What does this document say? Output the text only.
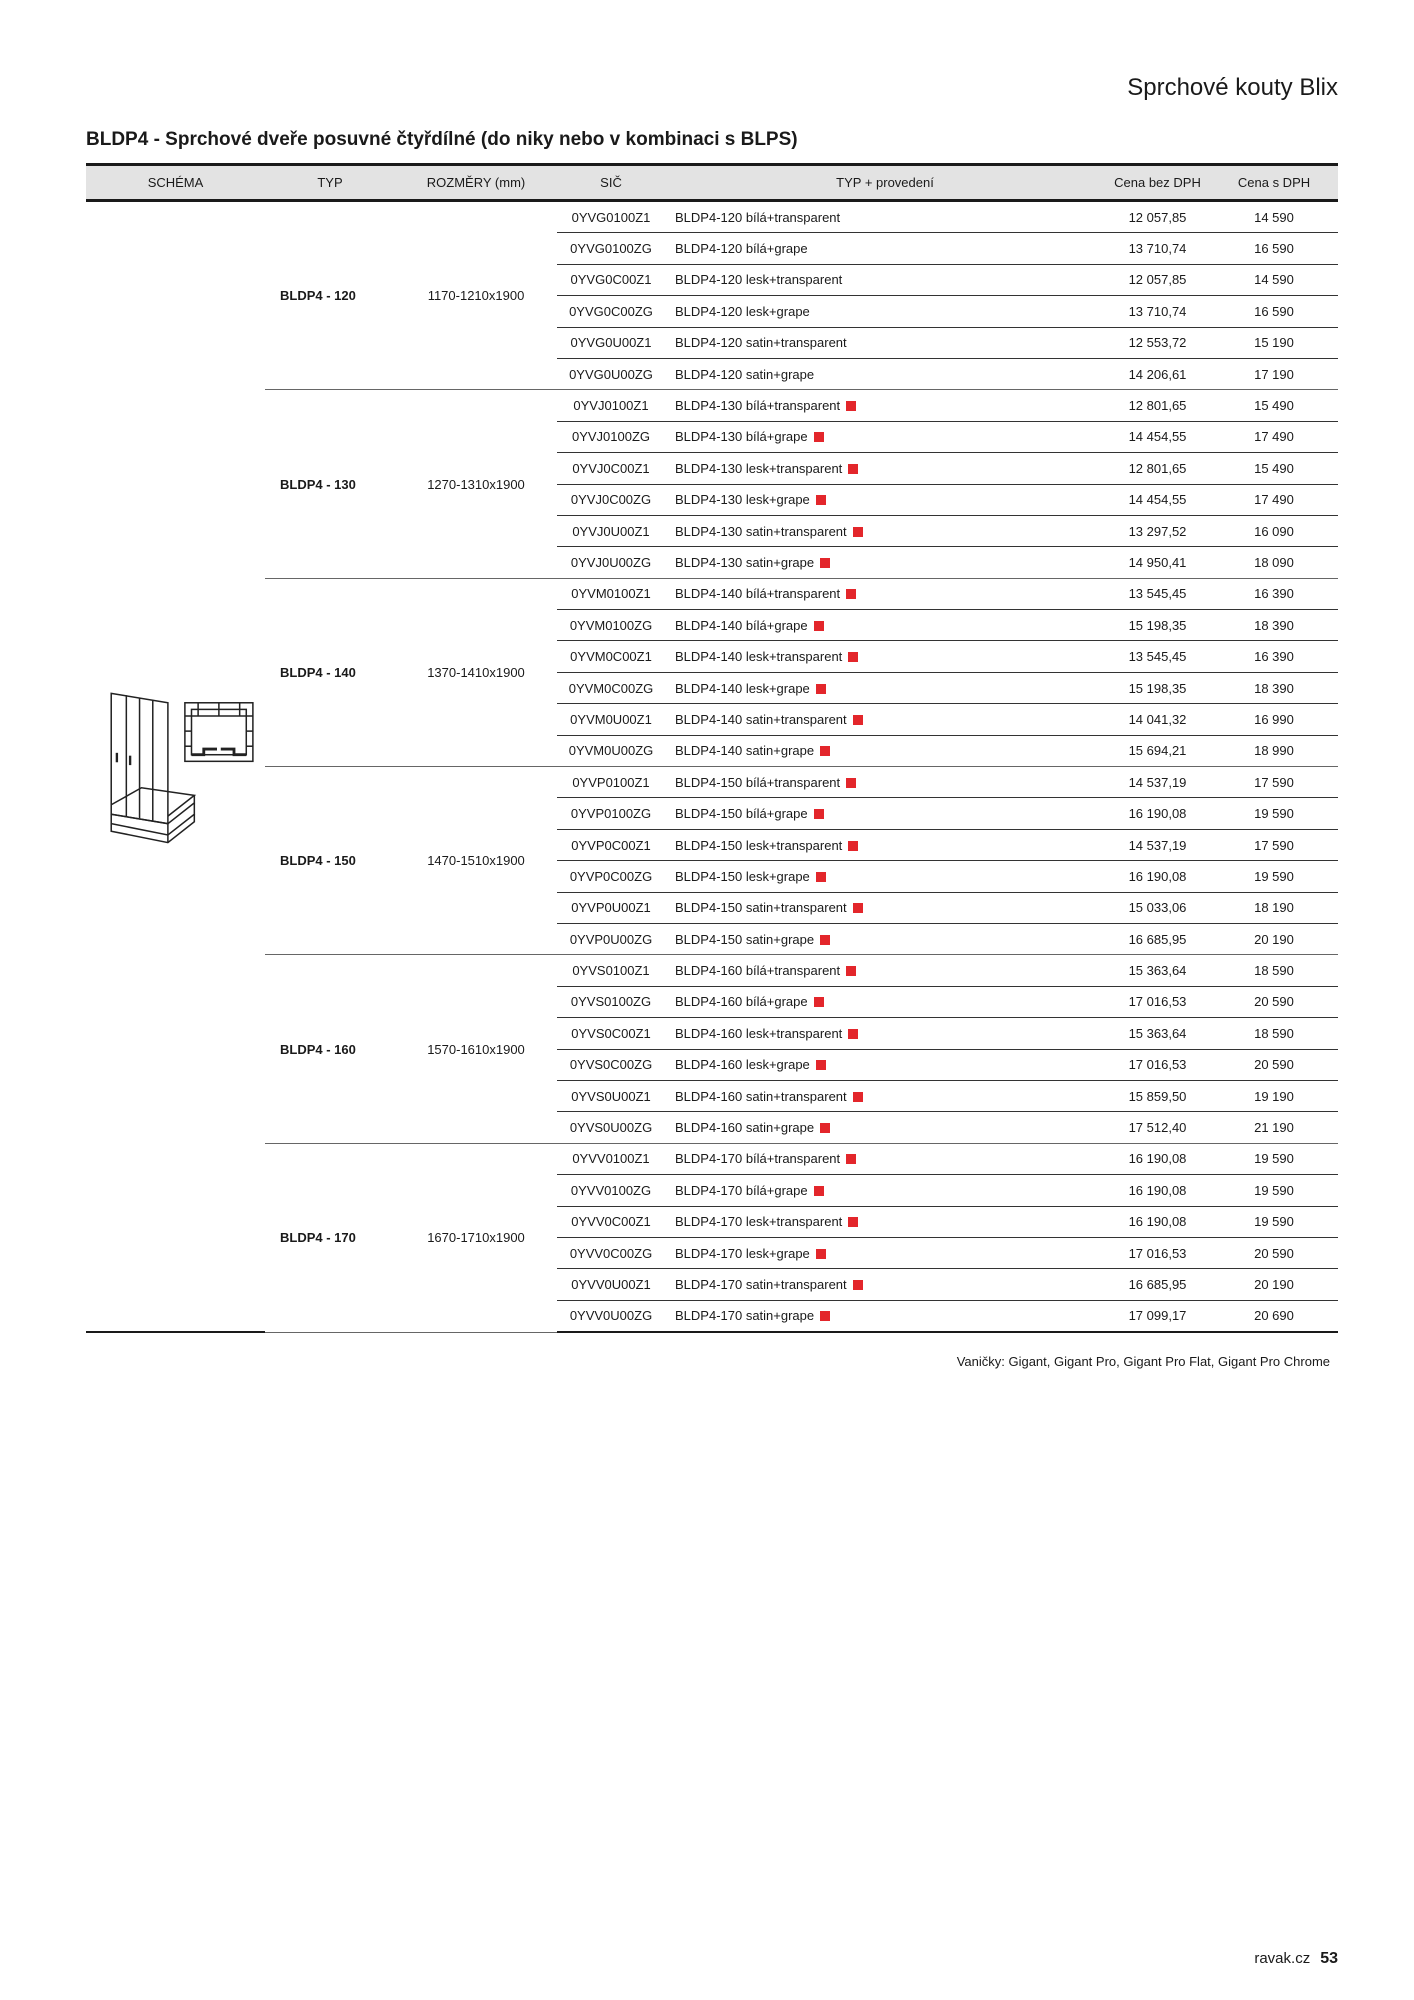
Sprchové kouty Blix
BLDP4 - Sprchové dveře posuvné čtyřdílné (do niky nebo v kombinaci s BLPS)
SCHÉMA	TYP	ROZMĚRY (mm)	SIČ	TYP + provedení	Cena bez DPH	Cena s DPH

	BLDP4 - 120	1170-1210x1900	0YVG0100Z1	BLDP4-120 bílá+transparent	12 057,85	14 590
			0YVG0100ZG	BLDP4-120 bílá+grape	13 710,74	16 590
			0YVG0C00Z1	BLDP4-120 lesk+transparent	12 057,85	14 590
			0YVG0C00ZG	BLDP4-120 lesk+grape	13 710,74	16 590
			0YVG0U00Z1	BLDP4-120 satin+transparent	12 553,72	15 190
			0YVG0U00ZG	BLDP4-120 satin+grape	14 206,61	17 190
	BLDP4 - 130	1270-1310x1900	0YVJ0100Z1	BLDP4-130 bílá+transparent	12 801,65	15 490
			0YVJ0100ZG	BLDP4-130 bílá+grape	14 454,55	17 490
			0YVJ0C00Z1	BLDP4-130 lesk+transparent	12 801,65	15 490
			0YVJ0C00ZG	BLDP4-130 lesk+grape	14 454,55	17 490
			0YVJ0U00Z1	BLDP4-130 satin+transparent	13 297,52	16 090
			0YVJ0U00ZG	BLDP4-130 satin+grape	14 950,41	18 090
	BLDP4 - 140	1370-1410x1900	0YVM0100Z1	BLDP4-140 bílá+transparent	13 545,45	16 390
			0YVM0100ZG	BLDP4-140 bílá+grape	15 198,35	18 390
			0YVM0C00Z1	BLDP4-140 lesk+transparent	13 545,45	16 390
			0YVM0C00ZG	BLDP4-140 lesk+grape	15 198,35	18 390
			0YVM0U00Z1	BLDP4-140 satin+transparent	14 041,32	16 990
			0YVM0U00ZG	BLDP4-140 satin+grape	15 694,21	18 990
	BLDP4 - 150	1470-1510x1900	0YVP0100Z1	BLDP4-150 bílá+transparent	14 537,19	17 590
			0YVP0100ZG	BLDP4-150 bílá+grape	16 190,08	19 590
			0YVP0C00Z1	BLDP4-150 lesk+transparent	14 537,19	17 590
			0YVP0C00ZG	BLDP4-150 lesk+grape	16 190,08	19 590
			0YVP0U00Z1	BLDP4-150 satin+transparent	15 033,06	18 190
			0YVP0U00ZG	BLDP4-150 satin+grape	16 685,95	20 190
	BLDP4 - 160	1570-1610x1900	0YVS0100Z1	BLDP4-160 bílá+transparent	15 363,64	18 590
			0YVS0100ZG	BLDP4-160 bílá+grape	17 016,53	20 590
			0YVS0C00Z1	BLDP4-160 lesk+transparent	15 363,64	18 590
			0YVS0C00ZG	BLDP4-160 lesk+grape	17 016,53	20 590
			0YVS0U00Z1	BLDP4-160 satin+transparent	15 859,50	19 190
			0YVS0U00ZG	BLDP4-160 satin+grape	17 512,40	21 190
	BLDP4 - 170	1670-1710x1900	0YVV0100Z1	BLDP4-170 bílá+transparent	16 190,08	19 590
			0YVV0100ZG	BLDP4-170 bílá+grape	16 190,08	19 590
			0YVV0C00Z1	BLDP4-170 lesk+transparent	16 190,08	19 590
			0YVV0C00ZG	BLDP4-170 lesk+grape	17 016,53	20 590
			0YVV0U00Z1	BLDP4-170 satin+transparent	16 685,95	20 190
			0YVV0U00ZG	BLDP4-170 satin+grape	17 099,17	20 690
Vaničky: Gigant, Gigant Pro, Gigant Pro Flat, Gigant Pro Chrome
ravak.cz 53
